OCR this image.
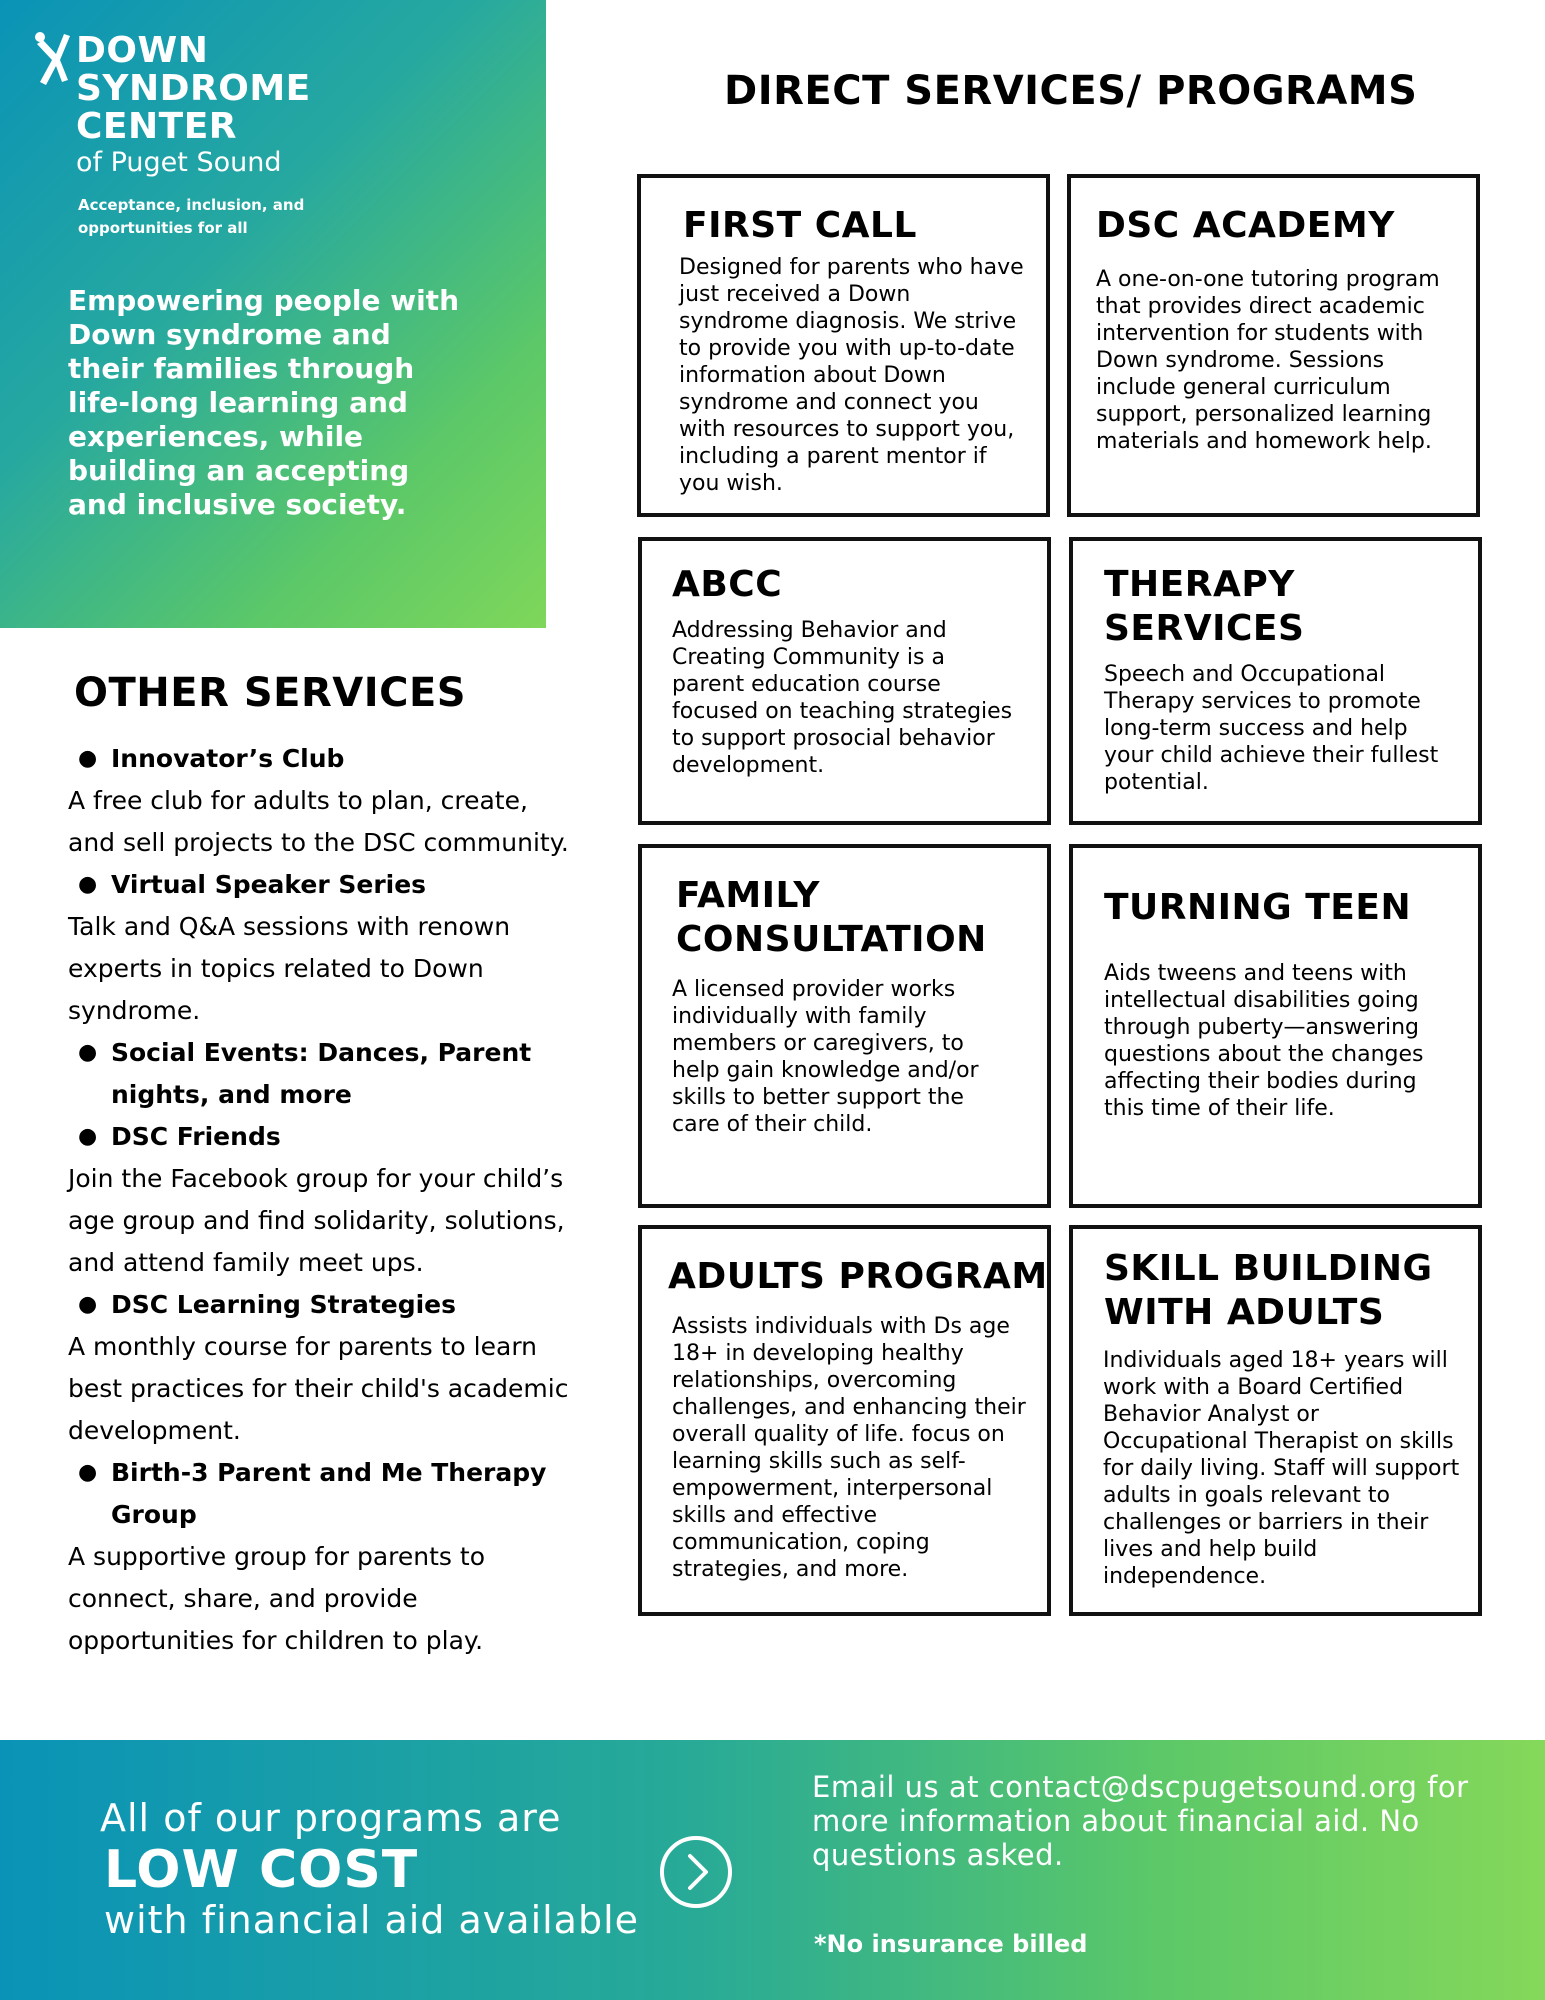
DOWN
SYNDROME
CENTER
of Puget Sound
Acceptance, inclusion, and opportunities for all
Empowering people with Down syndrome and their families through life-long learning and experiences, while building an accepting and inclusive society.
OTHER SERVICES
● Innovator’s Club
A free club for adults to plan, create, and sell projects to the DSC community.
● Virtual Speaker Series
Talk and Q&A sessions with renown experts in topics related to Down syndrome.
● Social Events: Dances, Parent nights, and more
● DSC Friends
Join the Facebook group for your child’s age group and find solidarity, solutions, and attend family meet ups.
● DSC Learning Strategies
A monthly course for parents to learn best practices for their child's academic development.
● Birth-3 Parent and Me Therapy Group
A supportive group for parents to connect, share, and provide opportunities for children to play.
DIRECT SERVICES/ PROGRAMS
FIRST CALL
Designed for parents who have just received a Down syndrome diagnosis. We strive to provide you with up-to-date information about Down syndrome and connect you with resources to support you, including a parent mentor if you wish.
DSC ACADEMY
A one-on-one tutoring program that provides direct academic intervention for students with Down syndrome. Sessions include general curriculum support, personalized learning materials and homework help.
ABCC
Addressing Behavior and Creating Community is a parent education course focused on teaching strategies to support prosocial behavior development.
THERAPY SERVICES
Speech and Occupational Therapy services to promote long-term success and help your child achieve their fullest potential.
FAMILY CONSULTATION
A licensed provider works individually with family members or caregivers, to help gain knowledge and/or skills to better support the care of their child.
TURNING TEEN
Aids tweens and teens with intellectual disabilities going through puberty—answering questions about the changes affecting their bodies during this time of their life.
ADULTS PROGRAM
Assists individuals with Ds age 18+ in developing healthy relationships, overcoming challenges, and enhancing their overall quality of life. focus on learning skills such as self-empowerment, interpersonal skills and effective communication, coping strategies, and more.
SKILL BUILDING WITH ADULTS
Individuals aged 18+ years will work with a Board Certified Behavior Analyst or Occupational Therapist on skills for daily living. Staff will support adults in goals relevant to challenges or barriers in their lives and help build independence.
All of our programs are
LOW COST
with financial aid available
Email us at contact@dscpugetsound.org for more information about financial aid. No questions asked.
*No insurance billed
